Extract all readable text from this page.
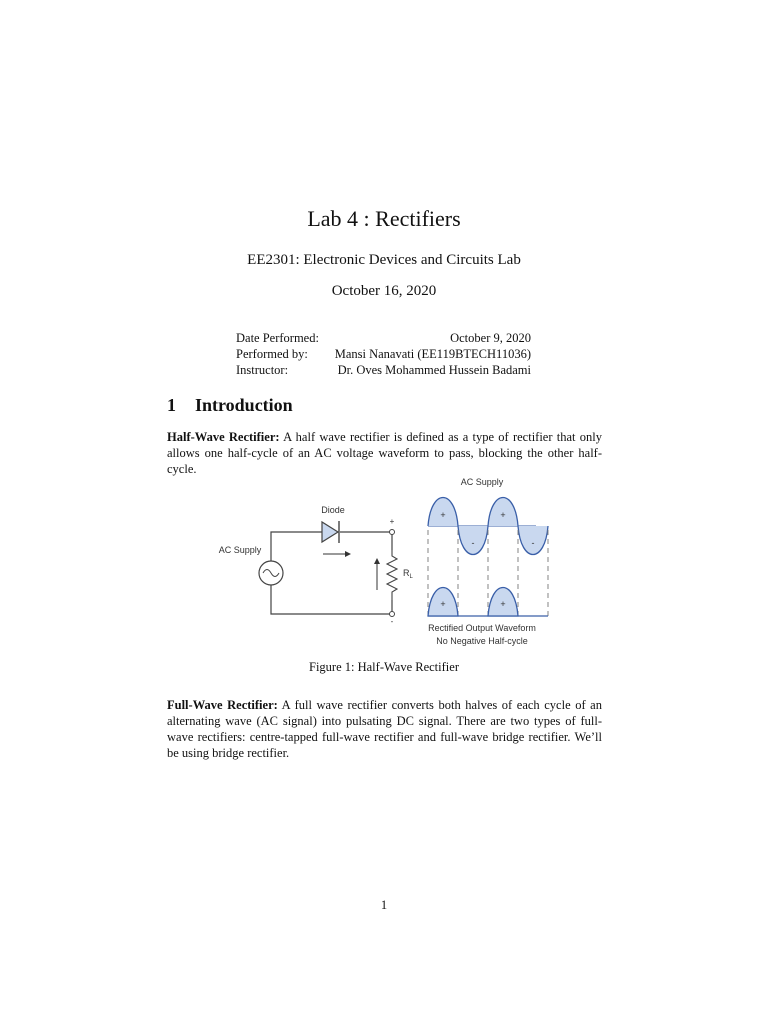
Lab 4 : Rectifiers
EE2301: Electronic Devices and Circuits Lab
October 16, 2020
Date Performed:	October 9, 2020
Performed by: Mansi Nanavati (EE119BTECH11036)
Instructor:	Dr. Oves Mohammed Hussein Badami
1 Introduction
Half-Wave Rectifier: A half wave rectifier is defined as a type of rectifier that only allows one half-cycle of an AC voltage waveform to pass, blocking the other half-cycle.
+
-
Diode
AC Supply
$R_L$
AC Supply
+	+
-	-
+	+
Rectified Output Waveform
No Negative Half-cycle
Figure 1: Half-Wave Rectifier
Full-Wave Rectifier: A full wave rectifier converts both halves of each cycle of an alternating wave (AC signal) into pulsating DC signal. There are two types of full-wave rectifiers: centre-tapped full-wave rectifier and full-wave bridge rectifier. We’ll be using bridge rectifier.
1
